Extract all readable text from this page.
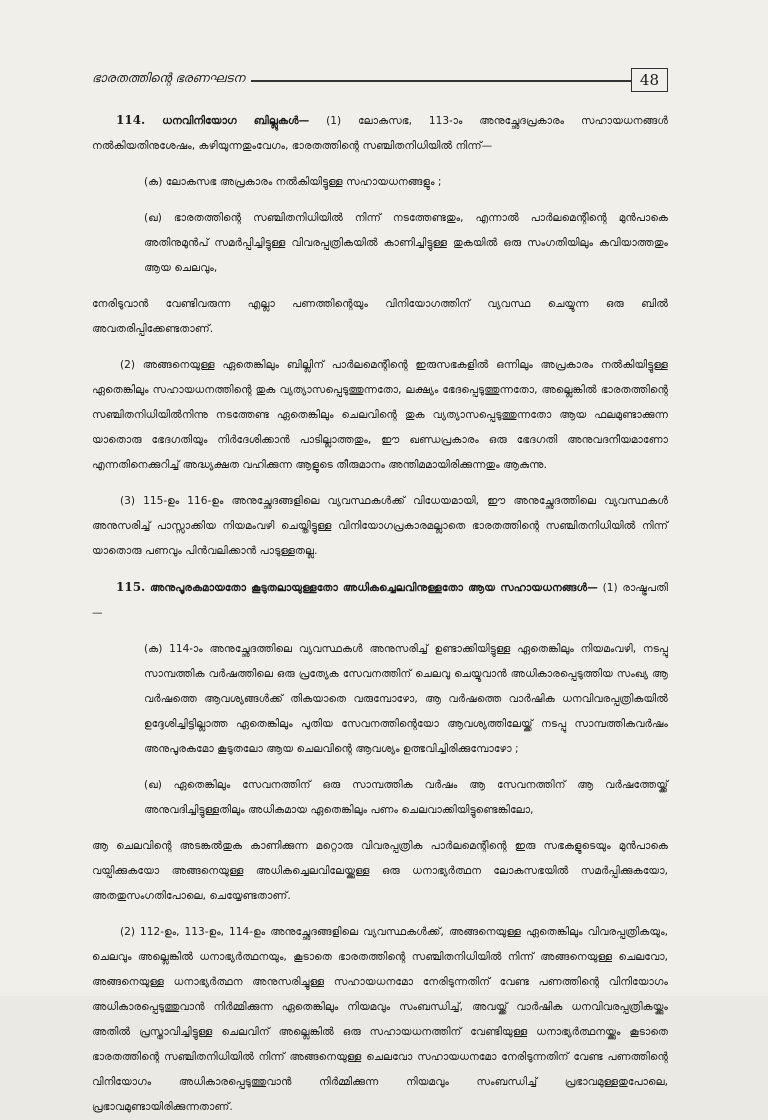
ഭാരതത്തിന്റെ ഭരണഘടന	48

114. ധനവിനിയോഗ ബില്ലുകൾ— (1) ലോകസഭ, 113-ാം അനുച്ഛേദപ്രകാരം സഹായധനങ്ങൾ നൽകിയതിനുശേഷം, കഴിയുന്നതുംവേഗം, ഭാരതത്തിന്റെ സഞ്ചിതനിധിയിൽ നിന്ന്—

(ക) ലോകസഭ അപ്രകാരം നൽകിയിട്ടുള്ള സഹായധനങ്ങളും ;

(ഖ) ഭാരതത്തിന്റെ സഞ്ചിതനിധിയിൽ നിന്ന് നടത്തേണ്ടതും, എന്നാൽ പാർലമെന്റിന്റെ മുൻപാകെ അതിനുമുൻപ് സമർപ്പിച്ചിട്ടുള്ള വിവരപ്പത്രികയിൽ കാണിച്ചിട്ടുള്ള തുകയിൽ ഒരു സംഗതിയിലും കവിയാത്തതും ആയ ചെലവും,

നേരിടുവാൻ വേണ്ടിവരുന്ന എല്ലാ പണത്തിന്റെയും വിനിയോഗത്തിന് വ്യവസ്ഥ ചെയ്യുന്ന ഒരു ബിൽ അവതരിപ്പിക്കേണ്ടതാണ്.

(2) അങ്ങനെയുള്ള ഏതെങ്കിലും ബില്ലിന് പാർലമെന്റിന്റെ ഇരുസഭകളിൽ ഒന്നിലും അപ്രകാരം നൽകിയിട്ടുള്ള ഏതെങ്കിലും സഹായധനത്തിന്റെ തുക വ്യത്യാസപ്പെടുത്തുന്നതോ, ലക്ഷ്യം ഭേദപ്പെടുത്തുന്നതോ, അല്ലെങ്കിൽ ഭാരതത്തിന്റെ സഞ്ചിതനിധിയിൽനിന്നു നടത്തേണ്ട ഏതെങ്കിലും ചെലവിന്റെ തുക വ്യത്യാസപ്പെടുത്തുന്നതോ ആയ ഫലമുണ്ടാക്കുന്ന യാതൊരു ഭേദഗതിയും നിർദേശിക്കാൻ പാടില്ലാത്തതും, ഈ ഖണ്ഡപ്രകാരം ഒരു ഭേദഗതി അനുവദനീയമാണോ എന്നതിനെക്കുറിച്ച് അദ്ധ്യക്ഷത വഹിക്കുന്ന ആളുടെ തീരുമാനം അന്തിമമായിരിക്കുന്നതും ആകുന്നു.

(3) 115-ഉം 116-ഉം അനുച്ഛേദങ്ങളിലെ വ്യവസ്ഥകൾക്ക് വിധേയമായി, ഈ അനുച്ഛേദത്തിലെ വ്യവസ്ഥകൾ അനുസരിച്ച് പാസ്സാക്കിയ നിയമംവഴി ചെയ്തിട്ടുള്ള വിനിയോഗപ്രകാരമല്ലാതെ ഭാരതത്തിന്റെ സഞ്ചിതനിധിയിൽ നിന്ന് യാതൊരു പണവും പിൻവലിക്കാൻ പാടുള്ളതല്ല.

115. അനുപൂരകമായതോ കൂടുതലായുള്ളതോ അധികച്ചെലവിനുള്ളതോ ആയ സഹായധനങ്ങൾ— (1) രാഷ്ട്രപതി—

(ക) 114-ാം അനുച്ഛേദത്തിലെ വ്യവസ്ഥകൾ അനുസരിച്ച് ഉണ്ടാക്കിയിട്ടുള്ള ഏതെങ്കിലും നിയമംവഴി, നടപ്പു സാമ്പത്തിക വർഷത്തിലെ ഒരു പ്രത്യേക സേവനത്തിന് ചെലവു ചെയ്യുവാൻ അധികാരപ്പെടുത്തിയ സംഖ്യ ആ വർഷത്തെ ആവശ്യങ്ങൾക്ക് തികയാതെ വരുമ്പോഴോ, ആ വർഷത്തെ വാർഷിക ധനവിവരപ്പത്രികയിൽ ഉദ്ദേശിച്ചിട്ടില്ലാത്ത ഏതെങ്കിലും പുതിയ സേവനത്തിന്റെയോ ആവശ്യത്തിലേയ്ക്ക് നടപ്പു സാമ്പത്തികവർഷം അനുപൂരകമോ കൂടുതലോ ആയ ചെലവിന്റെ ആവശ്യം ഉത്ഭവിച്ചിരിക്കുമ്പോഴോ ;

(ഖ) ഏതെങ്കിലും സേവനത്തിന് ഒരു സാമ്പത്തിക വർഷം ആ സേവനത്തിന് ആ വർഷത്തേയ്ക്ക് അനുവദിച്ചിട്ടുള്ളതിലും അധികമായ ഏതെങ്കിലും പണം ചെലവാക്കിയിട്ടുണ്ടെങ്കിലോ,

ആ ചെലവിന്റെ അടങ്കൽതുക കാണിക്കുന്ന മറ്റൊരു വിവരപ്പത്രിക പാർലമെന്റിന്റെ ഇരു സഭകളുടെയും മുൻപാകെ വയ്പിക്കുകയോ അങ്ങനെയുള്ള അധികച്ചെലവിലേയ്ക്കുള്ള ഒരു ധനാഭ്യർത്ഥന ലോകസഭയിൽ സമർപ്പിക്കുകയോ, അതതുസംഗതിപോലെ, ചെയ്യേണ്ടതാണ്.

(2) 112-ഉം, 113-ഉം, 114-ഉം അനുച്ഛേദങ്ങളിലെ വ്യവസ്ഥകൾക്ക്, അങ്ങനെയുള്ള ഏതെങ്കിലും വിവരപ്പത്രികയും, ചെലവും അല്ലെങ്കിൽ ധനാഭ്യർത്ഥനയും, കൂടാതെ ഭാരതത്തിന്റെ സഞ്ചിതനിധിയിൽ നിന്ന് അങ്ങനെയുള്ള ചെലവോ, അങ്ങനെയുള്ള ധനാഭ്യർത്ഥന അനുസരിച്ചുള്ള സഹായധനമോ നേരിടുന്നതിന് വേണ്ട പണത്തിന്റെ വിനിയോഗം അധികാരപ്പെടുത്തുവാൻ നിർമ്മിക്കുന്ന ഏതെങ്കിലും നിയമവും സംബന്ധിച്ച്, അവയ്ക്ക് വാർഷിക ധനവിവരപ്പത്രികയ്ക്കും അതിൽ പ്രസ്താവിച്ചിട്ടുള്ള ചെലവിന് അല്ലെങ്കിൽ ഒരു സഹായധനത്തിന് വേണ്ടിയുള്ള ധനാഭ്യർത്ഥനയ്ക്കും കൂടാതെ ഭാരതത്തിന്റെ സഞ്ചിതനിധിയിൽ നിന്ന് അങ്ങനെയുള്ള ചെലവോ സഹായധനമോ നേരിടുന്നതിന് വേണ്ട പണത്തിന്റെ വിനിയോഗം അധികാരപ്പെടുത്തുവാൻ നിർമ്മിക്കുന്ന നിയമവും സംബന്ധിച്ച് പ്രഭാവമുള്ളതുപോലെ, പ്രഭാവമുണ്ടായിരിക്കുന്നതാണ്.
